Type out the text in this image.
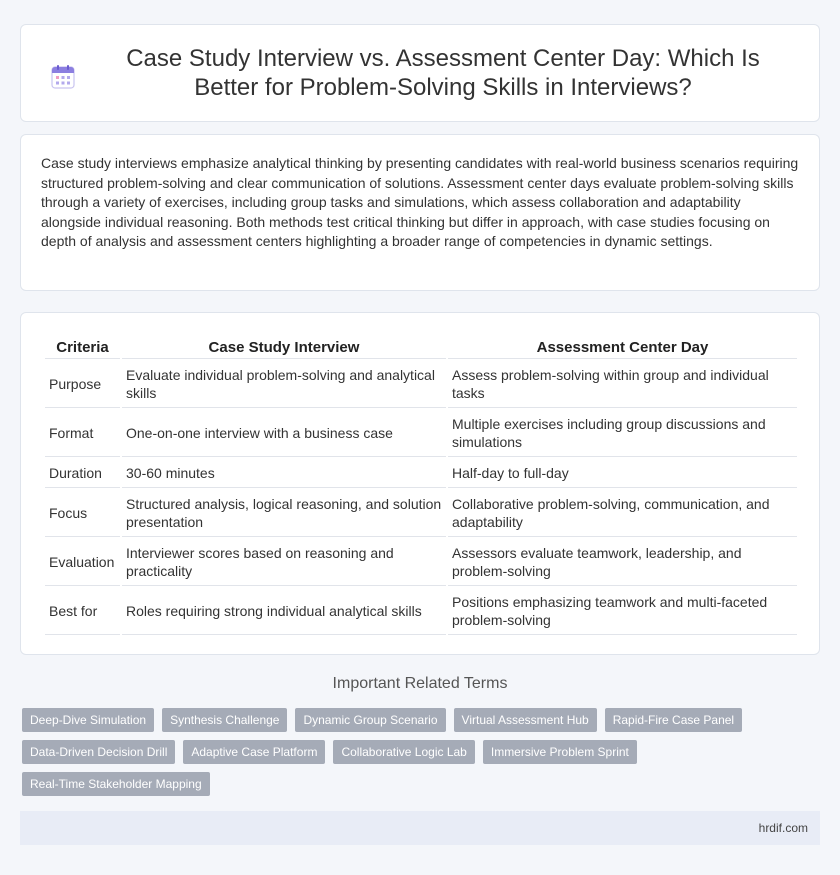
Case Study Interview vs. Assessment Center Day: Which Is Better for Problem-Solving Skills in Interviews?

Case study interviews emphasize analytical thinking by presenting candidates with real-world business scenarios requiring structured problem-solving and clear communication of solutions. Assessment center days evaluate problem-solving skills through a variety of exercises, including group tasks and simulations, which assess collaboration and adaptability alongside individual reasoning. Both methods test critical thinking but differ in approach, with case studies focusing on depth of analysis and assessment centers highlighting a broader range of competencies in dynamic settings.

Criteria	Case Study Interview	Assessment Center Day
Purpose	Evaluate individual problem-solving and analytical skills	Assess problem-solving within group and individual tasks
Format	One-on-one interview with a business case	Multiple exercises including group discussions and simulations
Duration	30-60 minutes	Half-day to full-day
Focus	Structured analysis, logical reasoning, and solution presentation	Collaborative problem-solving, communication, and adaptability
Evaluation	Interviewer scores based on reasoning and practicality	Assessors evaluate teamwork, leadership, and problem-solving
Best for	Roles requiring strong individual analytical skills	Positions emphasizing teamwork and multi-faceted problem-solving
Important Related Terms
Deep-Dive Simulation	Synthesis Challenge	Dynamic Group Scenario	Virtual Assessment Hub	Rapid-Fire Case Panel
Data-Driven Decision Drill	Adaptive Case Platform	Collaborative Logic Lab	Immersive Problem Sprint
Real-Time Stakeholder Mapping
hrdif.com
